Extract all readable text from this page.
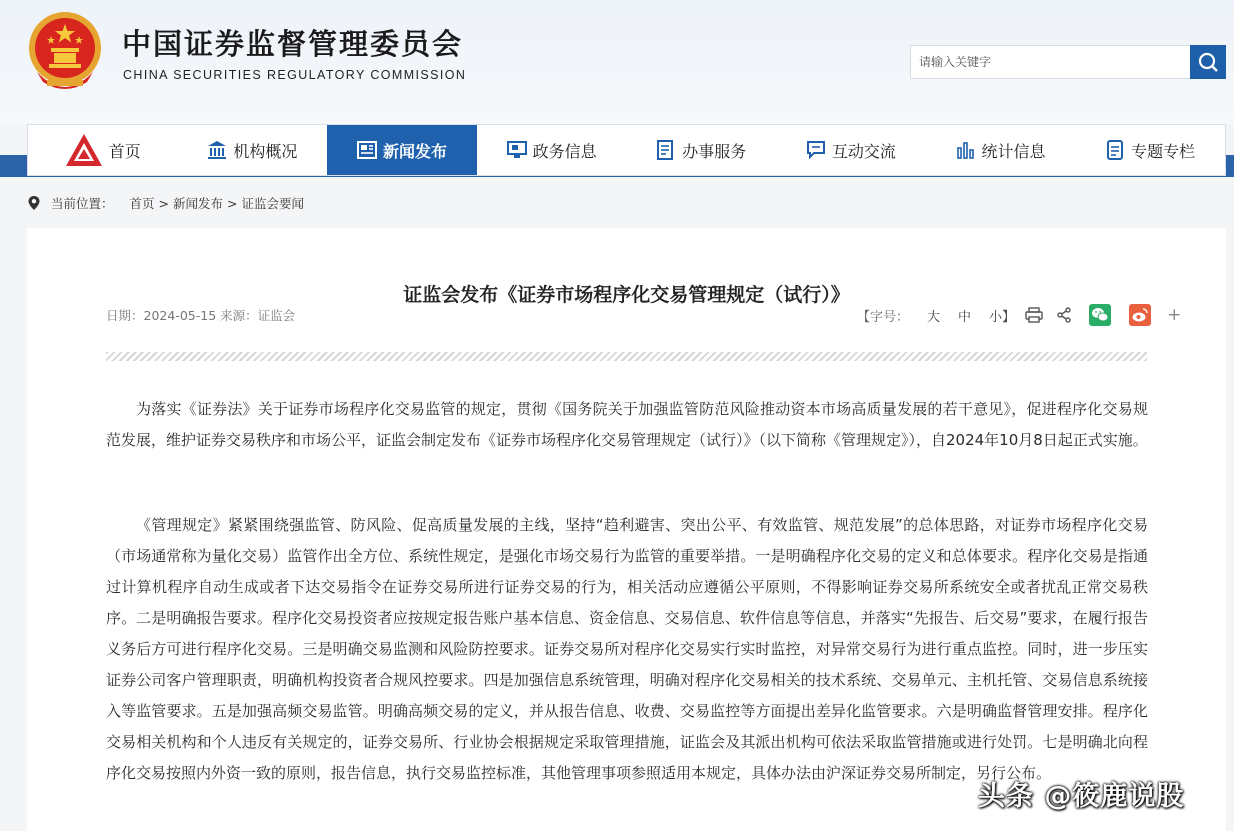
中国证券监督管理委员会
CHINA SECURITIES REGULATORY COMMISSION
请输入关键字
首页	机构概况	新闻发布	政务信息	办事服务	互动交流	统计信息	专题专栏
当前位置： 首页 > 新闻发布 > 证监会要闻
证监会发布《证券市场程序化交易管理规定（试行）》
日期：2024-05-15 来源：证监会	【字号： 大 中 小】	+

为落实《证券法》关于证券市场程序化交易监管的规定，贯彻《国务院关于加强监管防范风险推动资本市场高质量发展的若干意见》，促进程序化交易规范发展，维护证券交易秩序和市场公平，证监会制定发布《证券市场程序化交易管理规定（试行）》（以下简称《管理规定》），自2024年10月8日起正式实施。

《管理规定》紧紧围绕强监管、防风险、促高质量发展的主线，坚持“趋利避害、突出公平、有效监管、规范发展”的总体思路，对证券市场程序化交易（市场通常称为量化交易）监管作出全方位、系统性规定，是强化市场交易行为监管的重要举措。一是明确程序化交易的定义和总体要求。程序化交易是指通过计算机程序自动生成或者下达交易指令在证券交易所进行证券交易的行为，相关活动应遵循公平原则，不得影响证券交易所系统安全或者扰乱正常交易秩序。二是明确报告要求。程序化交易投资者应按规定报告账户基本信息、资金信息、交易信息、软件信息等信息，并落实“先报告、后交易”要求，在履行报告义务后方可进行程序化交易。三是明确交易监测和风险防控要求。证券交易所对程序化交易实行实时监控，对异常交易行为进行重点监控。同时，进一步压实证券公司客户管理职责，明确机构投资者合规风控要求。四是加强信息系统管理，明确对程序化交易相关的技术系统、交易单元、主机托管、交易信息系统接入等监管要求。五是加强高频交易监管。明确高频交易的定义，并从报告信息、收费、交易监控等方面提出差异化监管要求。六是明确监督管理安排。程序化交易相关机构和个人违反有关规定的，证券交易所、行业协会根据规定采取管理措施，证监会及其派出机构可依法采取监管措施或进行处罚。七是明确北向程序化交易按照内外资一致的原则，报告信息，执行交易监控标准，其他管理事项参照适用本规定，具体办法由沪深证券交易所制定，另行公布。

头条 @筱鹿说股
